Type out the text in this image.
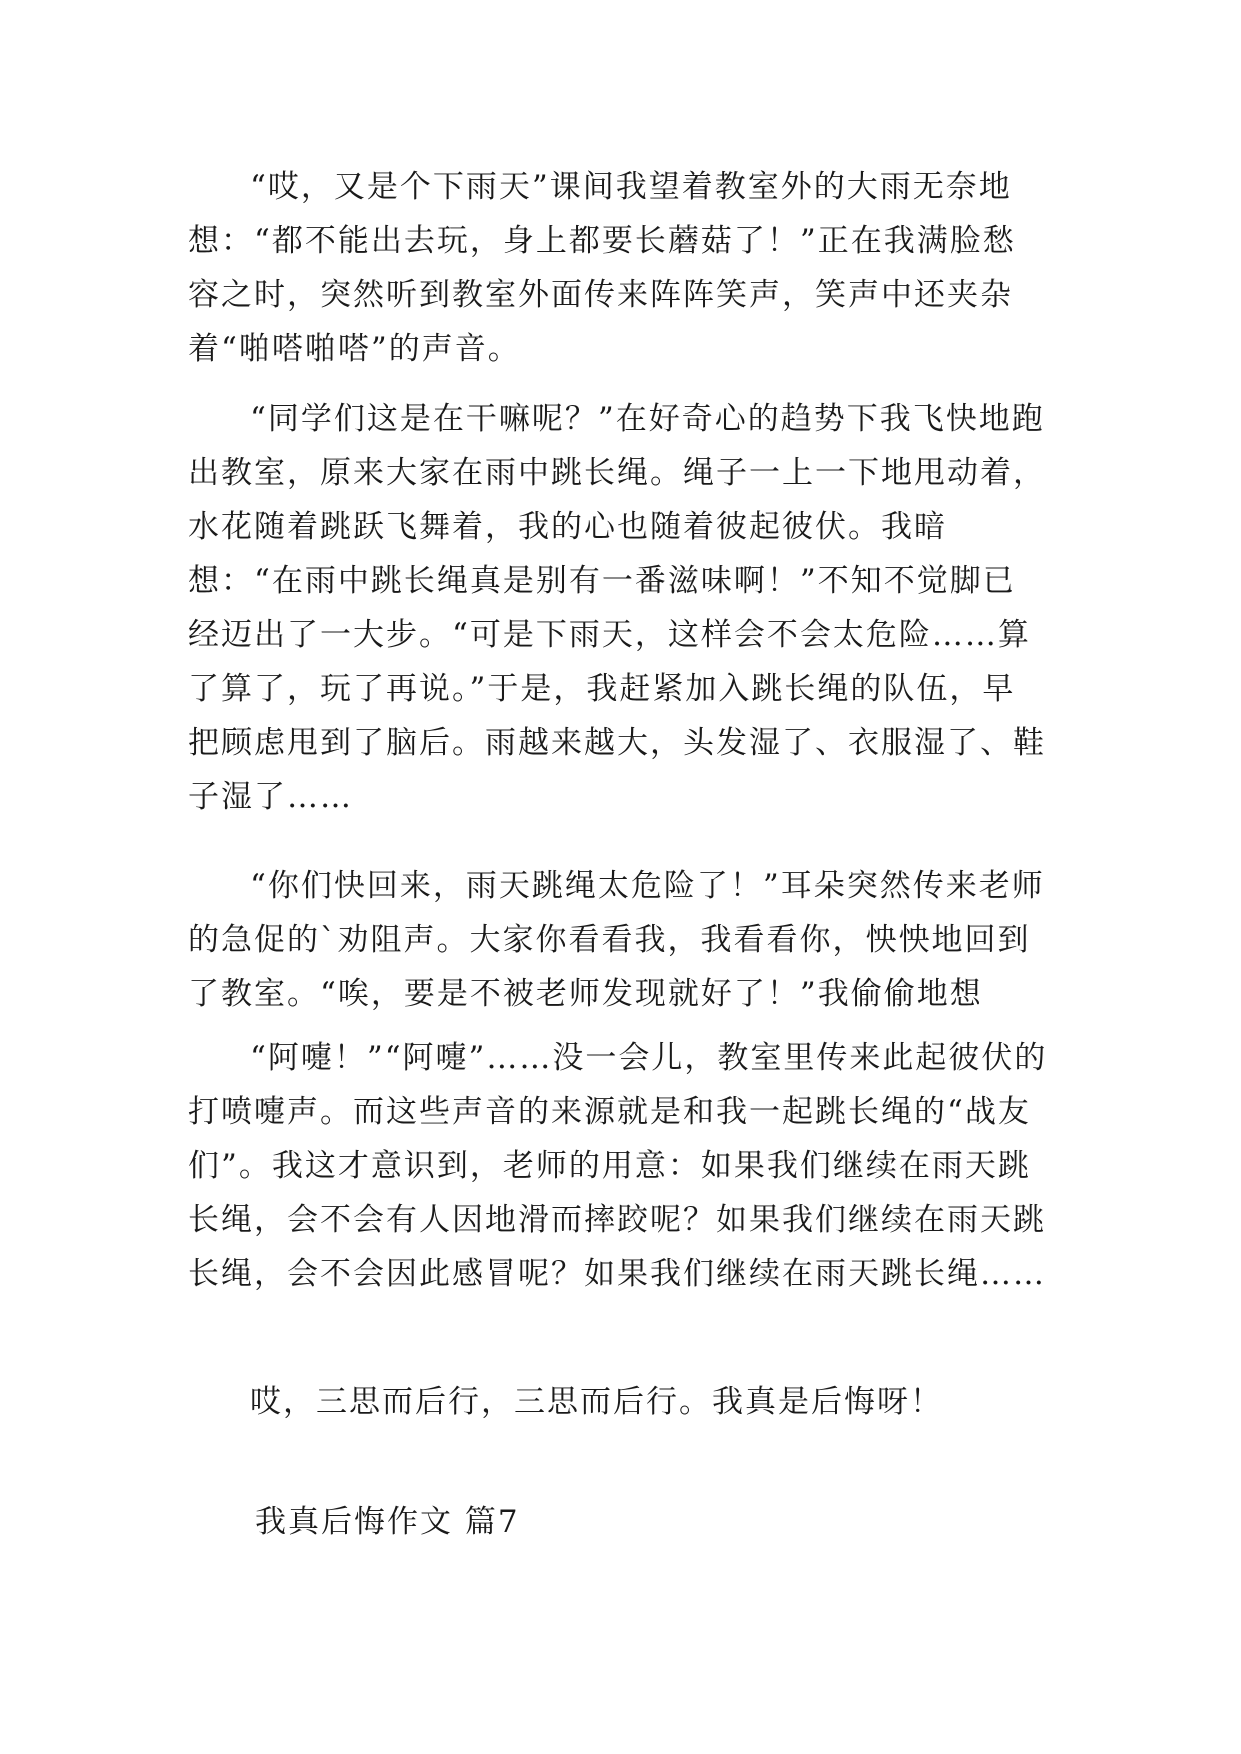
“哎，又是个下雨天”课间我望着教室外的大雨无奈地想：“都不能出去玩，身上都要长蘑菇了！”正在我满脸愁容之时，突然听到教室外面传来阵阵笑声，笑声中还夹杂着“啪嗒啪嗒”的声音。

“同学们这是在干嘛呢？”在好奇心的趋势下我飞快地跑出教室，原来大家在雨中跳长绳。绳子一上一下地甩动着，水花随着跳跃飞舞着，我的心也随着彼起彼伏。我暗想：“在雨中跳长绳真是别有一番滋味啊！”不知不觉脚已经迈出了一大步。“可是下雨天，这样会不会太危险……算了算了，玩了再说。”于是，我赶紧加入跳长绳的队伍，早把顾虑甩到了脑后。雨越来越大，头发湿了、衣服湿了、鞋子湿了……

“你们快回来，雨天跳绳太危险了！”耳朵突然传来老师的急促的`劝阻声。大家你看看我，我看看你，怏怏地回到了教室。“唉，要是不被老师发现就好了！”我偷偷地想

“阿嚏！”“阿嚏”……没一会儿，教室里传来此起彼伏的打喷嚏声。而这些声音的来源就是和我一起跳长绳的“战友们”。我这才意识到，老师的用意：如果我们继续在雨天跳长绳，会不会有人因地滑而摔跤呢？如果我们继续在雨天跳长绳，会不会因此感冒呢？如果我们继续在雨天跳长绳……

哎，三思而后行，三思而后行。我真是后悔呀！

我真后悔作文 篇7
